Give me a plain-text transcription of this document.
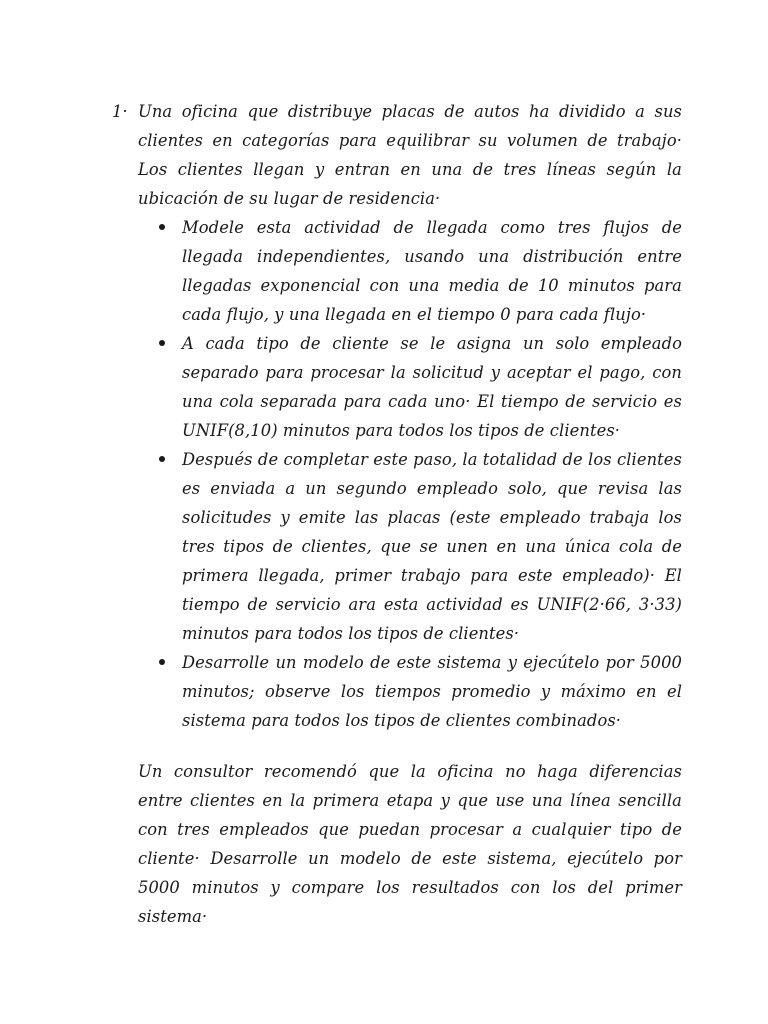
1· Una oficina que distribuye placas de autos ha dividido a sus clientes en categorías para equilibrar su volumen de trabajo· Los clientes llegan y entran en una de tres líneas según la ubicación de su lugar de residencia·

Modele esta actividad de llegada como tres flujos de llegada independientes, usando una distribución entre llegadas exponencial con una media de 10 minutos para cada flujo, y una llegada en el tiempo 0 para cada flujo·

A cada tipo de cliente se le asigna un solo empleado separado para procesar la solicitud y aceptar el pago, con una cola separada para cada uno· El tiempo de servicio es UNIF(8,10) minutos para todos los tipos de clientes·

Después de completar este paso, la totalidad de los clientes es enviada a un segundo empleado solo, que revisa las solicitudes y emite las placas (este empleado trabaja los tres tipos de clientes, que se unen en una única cola de primera llegada, primer trabajo para este empleado)· El tiempo de servicio ara esta actividad es UNIF(2·66, 3·33) minutos para todos los tipos de clientes·

Desarrolle un modelo de este sistema y ejecútelo por 5000 minutos; observe los tiempos promedio y máximo en el sistema para todos los tipos de clientes combinados·

Un consultor recomendó que la oficina no haga diferencias entre clientes en la primera etapa y que use una línea sencilla con tres empleados que puedan procesar a cualquier tipo de cliente· Desarrolle un modelo de este sistema, ejecútelo por 5000 minutos y compare los resultados con los del primer sistema·
